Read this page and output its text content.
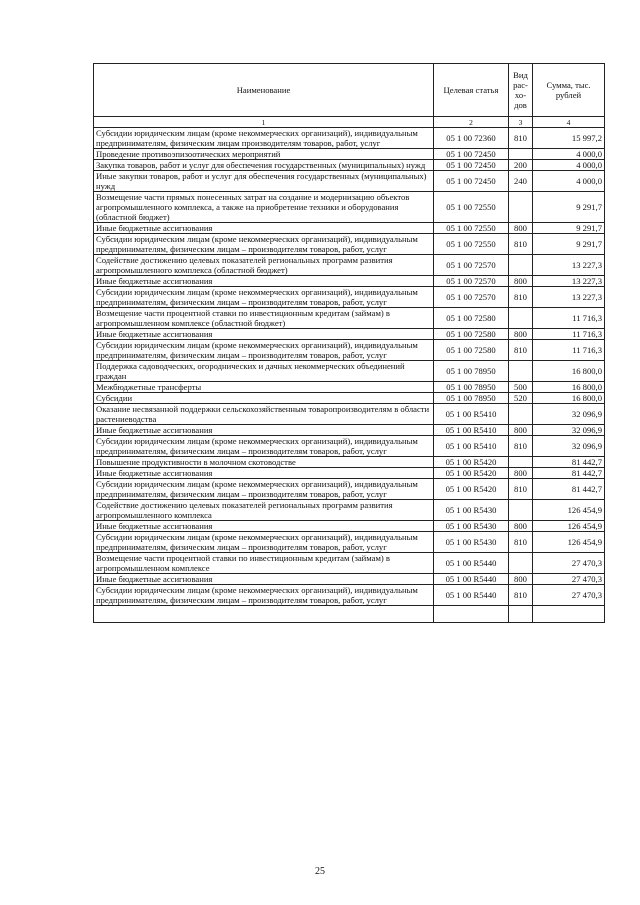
Наименование	Целевая статья	Вид рас-хо-дов	Сумма, тыс. рублей
1	2	3	4
Субсидии юридическим лицам (кроме некоммерческих организаций), индивидуальным предпринимателям, физическим лицам производителям товаров, работ, услуг	05 1 00 72360	810	15 997,2
Проведение противоэпизоотических мероприятий	05 1 00 72450		4 000,0
Закупка товаров, работ и услуг для обеспечения государственных (муниципальных) нужд	05 1 00 72450	200	4 000,0
Иные закупки товаров, работ и услуг для обеспечения государственных (муниципальных) нужд	05 1 00 72450	240	4 000,0
Возмещение части прямых понесенных затрат на создание и модернизацию объектов агропромышленного комплекса, а также на приобретение техники и оборудования (областной бюджет)	05 1 00 72550		9 291,7
Иные бюджетные ассигнования	05 1 00 72550	800	9 291,7
Субсидии юридическим лицам (кроме некоммерческих организаций), индивидуальным предпринимателям, физическим лицам – производителям товаров, работ, услуг	05 1 00 72550	810	9 291,7
Содействие достижению целевых показателей региональных программ развития агропромышленного комплекса (областной бюджет)	05 1 00 72570		13 227,3
Иные бюджетные ассигнования	05 1 00 72570	800	13 227,3
Субсидии юридическим лицам (кроме некоммерческих организаций), индивидуальным предпринимателям, физическим лицам – производителям товаров, работ, услуг	05 1 00 72570	810	13 227,3
Возмещение части процентной ставки по инвестиционным кредитам (займам) в агропромышленном комплексе (областной бюджет)	05 1 00 72580		11 716,3
Иные бюджетные ассигнования	05 1 00 72580	800	11 716,3
Субсидии юридическим лицам (кроме некоммерческих организаций), индивидуальным предпринимателям, физическим лицам – производителям товаров, работ, услуг	05 1 00 72580	810	11 716,3
Поддержка садоводческих, огороднических и дачных некоммерческих объединений граждан	05 1 00 78950		16 800,0
Межбюджетные трансферты	05 1 00 78950	500	16 800,0
Субсидии	05 1 00 78950	520	16 800,0
Оказание несвязанной поддержки сельскохозяйственным товаропроизводителям в области растениеводства	05 1 00 R5410		32 096,9
Иные бюджетные ассигнования	05 1 00 R5410	800	32 096,9
Субсидии юридическим лицам (кроме некоммерческих организаций), индивидуальным предпринимателям, физическим лицам – производителям товаров, работ, услуг	05 1 00 R5410	810	32 096,9
Повышение продуктивности в молочном скотоводстве	05 1 00 R5420		81 442,7
Иные бюджетные ассигнования	05 1 00 R5420	800	81 442,7
Субсидии юридическим лицам (кроме некоммерческих организаций), индивидуальным предпринимателям, физическим лицам – производителям товаров, работ, услуг	05 1 00 R5420	810	81 442,7
Содействие достижению целевых показателей региональных программ развития агропромышленного комплекса	05 1 00 R5430		126 454,9
Иные бюджетные ассигнования	05 1 00 R5430	800	126 454,9
Субсидии юридическим лицам (кроме некоммерческих организаций), индивидуальным предпринимателям, физическим лицам – производителям товаров, работ, услуг	05 1 00 R5430	810	126 454,9
Возмещение части процентной ставки по инвестиционным кредитам (займам) в агропромышленном комплексе	05 1 00 R5440		27 470,3
Иные бюджетные ассигнования	05 1 00 R5440	800	27 470,3
Субсидии юридическим лицам (кроме некоммерческих организаций), индивидуальным предпринимателям, физическим лицам – производителям товаров, работ, услуг	05 1 00 R5440	810	27 470,3

25
